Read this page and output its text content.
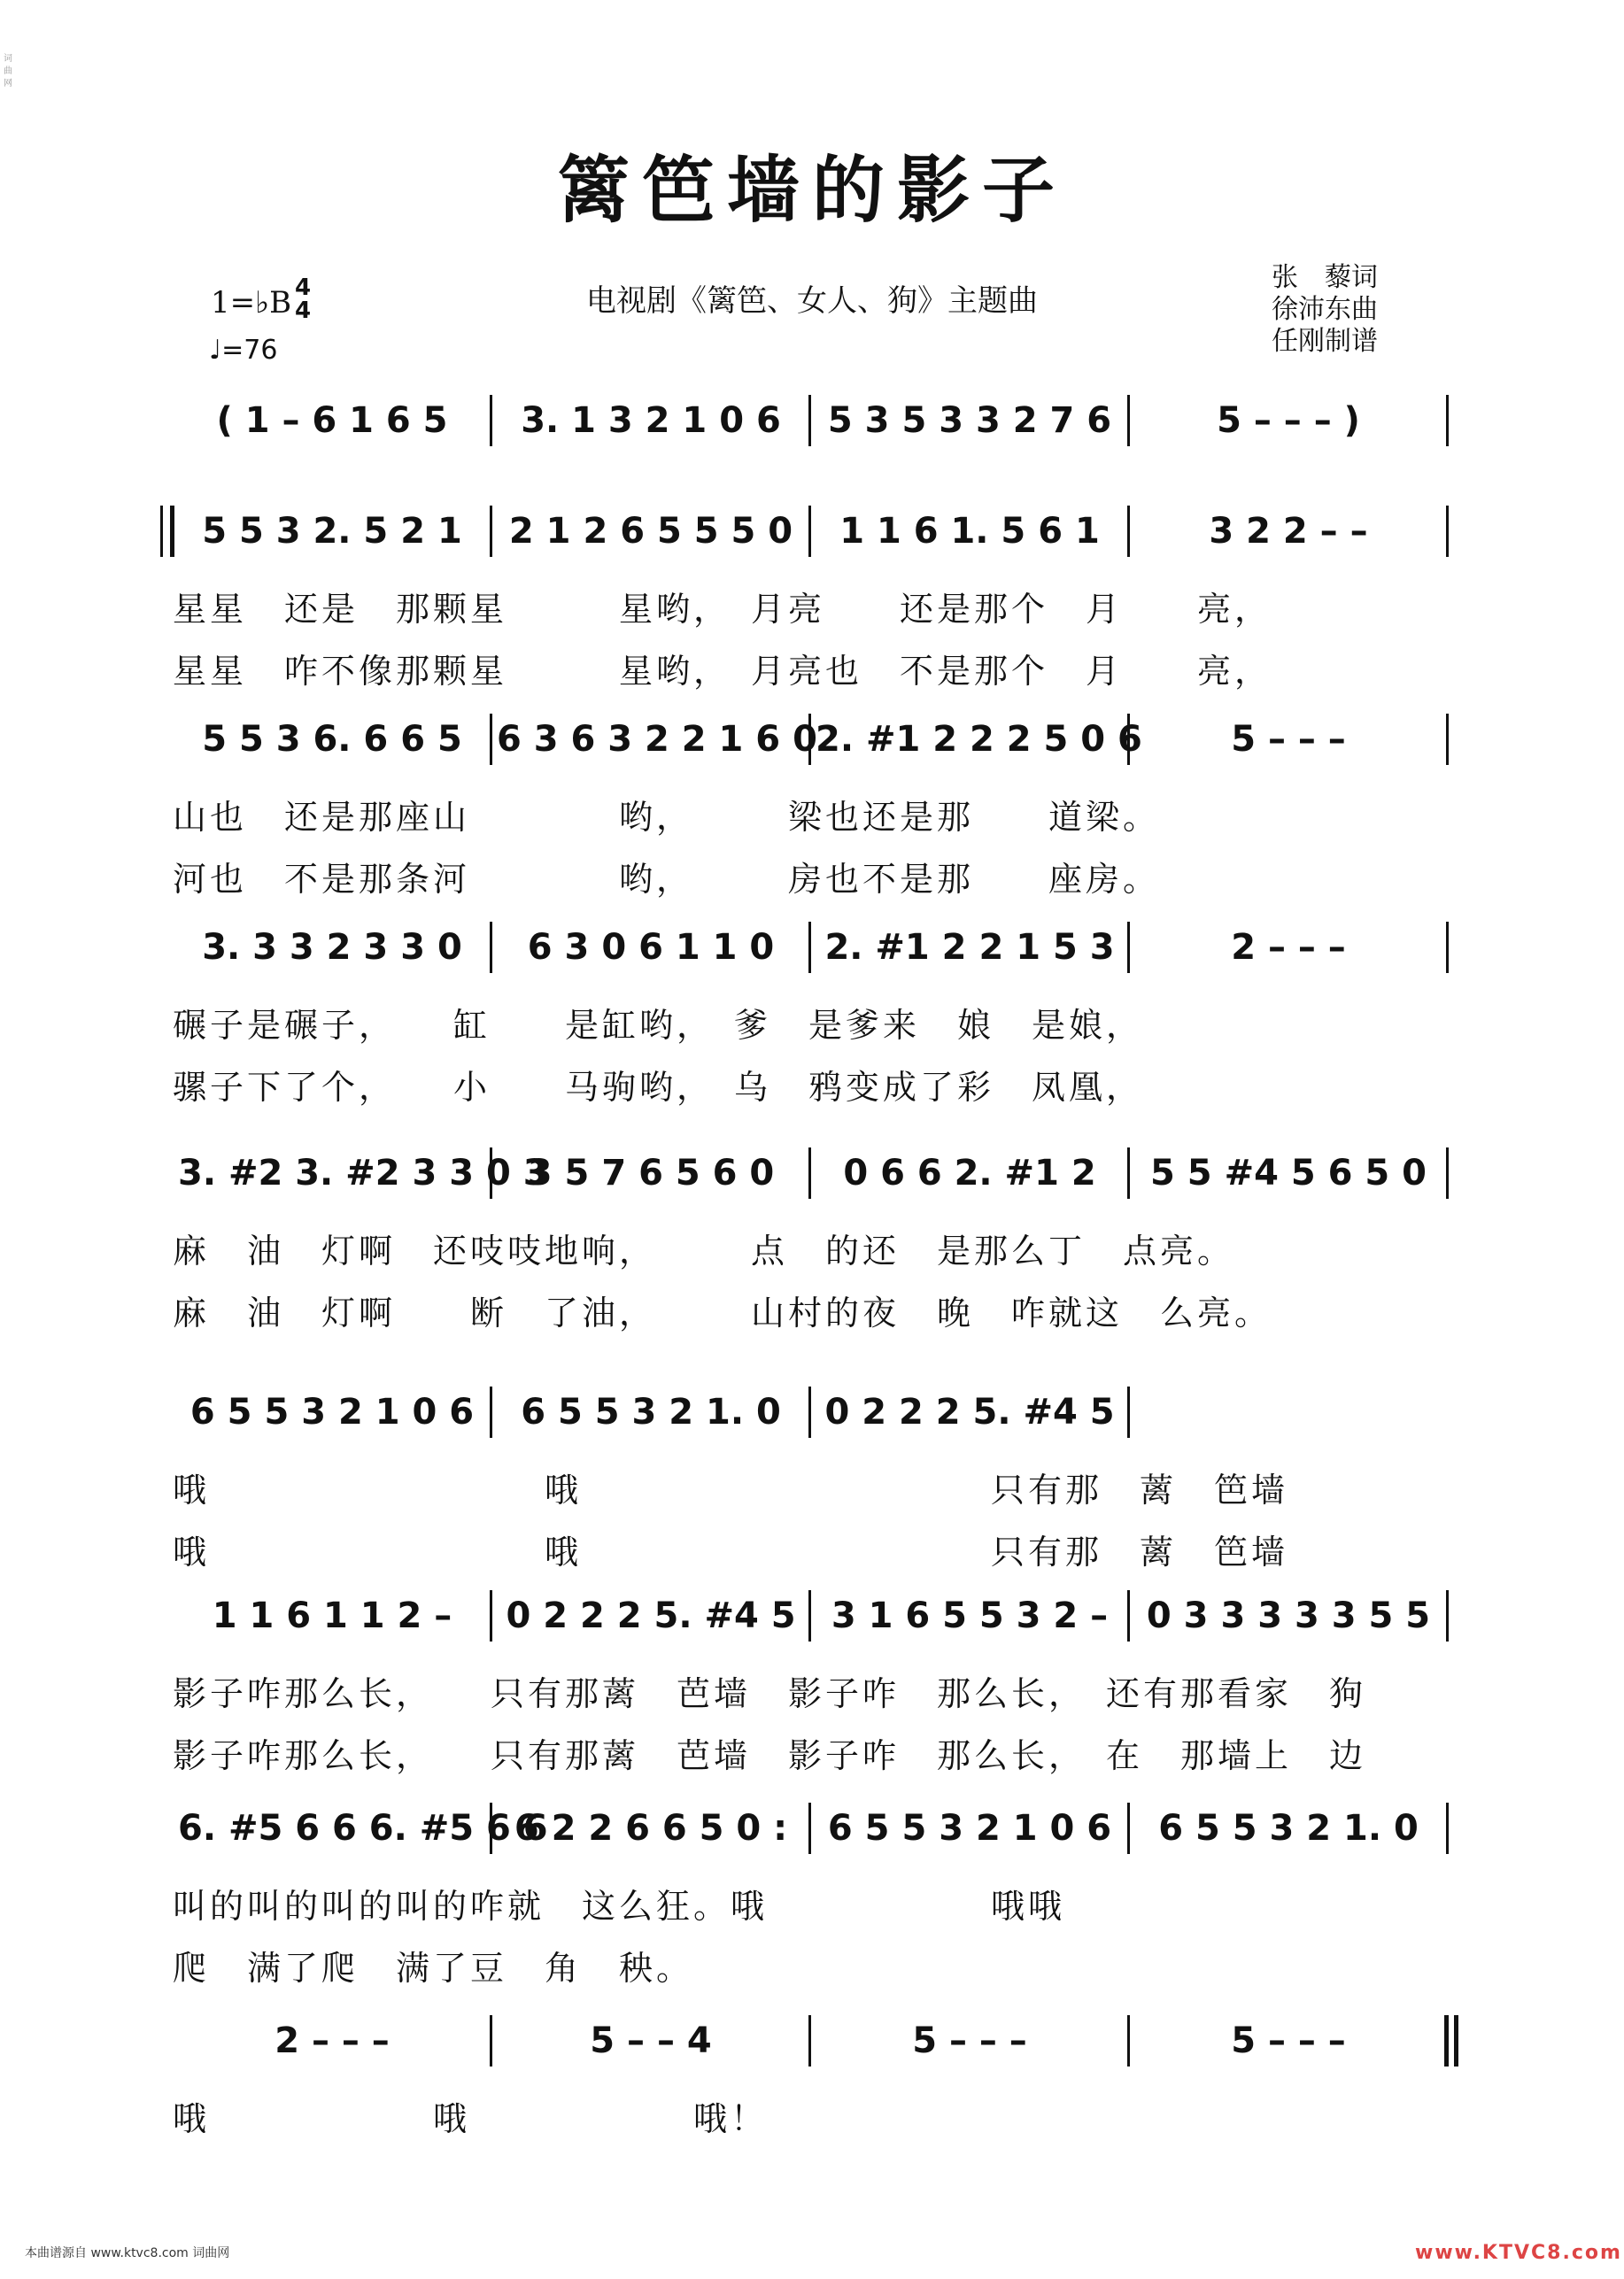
篱笆墙的影子
1=♭B 4
4
♩=76
电视剧《篱笆、女人、狗》主题曲
张　藜词
徐沛东曲
任刚制谱
词曲网
( 1 – 6 1 6 5	3. 1 3 2 1 0 6	5 3 5 3 3 2 7 6	5 – – – )
5 5 3 2. 5 2 1	2 1 2 6 5 5 5 0	1 1 6 1. 5 6 1	3 2 2 – –
星星　还是　那颗星　　　星哟，　月亮　　还是那个　月　　亮，
星星　咋不像那颗星　　　星哟，　月亮也　不是那个　月　　亮，
5 5 3 6. 6 6 5 6 3 6 3 2 2 1 6 0
2. #1 2 2 2 5 0 6	5 – – –
山也　还是那座山　　　　哟，　　　梁也还是那　　道梁。
河也　不是那条河　　　　哟，　　　房也不是那　　座房。
3. 3 3 2 3 3 0	6 3 0 6 1 1 0	2. #1 2 2 1 5 3	2 – – –
碾子是碾子，　　缸　　是缸哟，　爹　是爹来　娘　是娘，
骡子下了个，　　小　　马驹哟，　乌　鸦变成了彩　凤凰，
3. #2 3. #2 3 3 0 3
3 5 7 6 5 6 0	0 6 6 2. #1 2	5 5 #4 5 6 5 0
麻　油　灯啊　还吱吱地响，　　　点　的还　是那么丁　点亮。
麻　油　灯啊　　断　了油，　　　山村的夜　晚　咋就这　么亮。
6 5 5 3 2 1 0 6	6 5 5 3 2 1. 0	0 2 2 2 5. #4 5
哦　　　　　　　　　哦　　　　　　　　　　　只有那　蓠　笆墙
哦　　　　　　　　　哦　　　　　　　　　　　只有那　蓠　笆墙
1 1 6 1 1 2 –	0 2 2 2 5. #4 5	3 1 6 5 5 3 2 –	0 3 3 3 3 3 5 5
影子咋那么长，　　只有那蓠　芭墙　影子咋　那么长，　还有那看家　狗
影子咋那么长，　　只有那蓠　芭墙　影子咋　那么长，　在　那墙上　边
6. #5 6 6 6. #5 6 6
6 2 2 6 6 5 0 :	6 5 5 3 2 1 0 6	6 5 5 3 2 1. 0
叫的叫的叫的叫的咋就　这么狂。哦　　　　　　哦哦
爬　满了爬　满了豆　角　秧。
2 – – –	5 – – 4	5 – – –	5 – – –
哦　　　　　　哦　　　　　　哦！
本曲谱源自 www.ktvc8.com 词曲网	www.KTVC8.com
